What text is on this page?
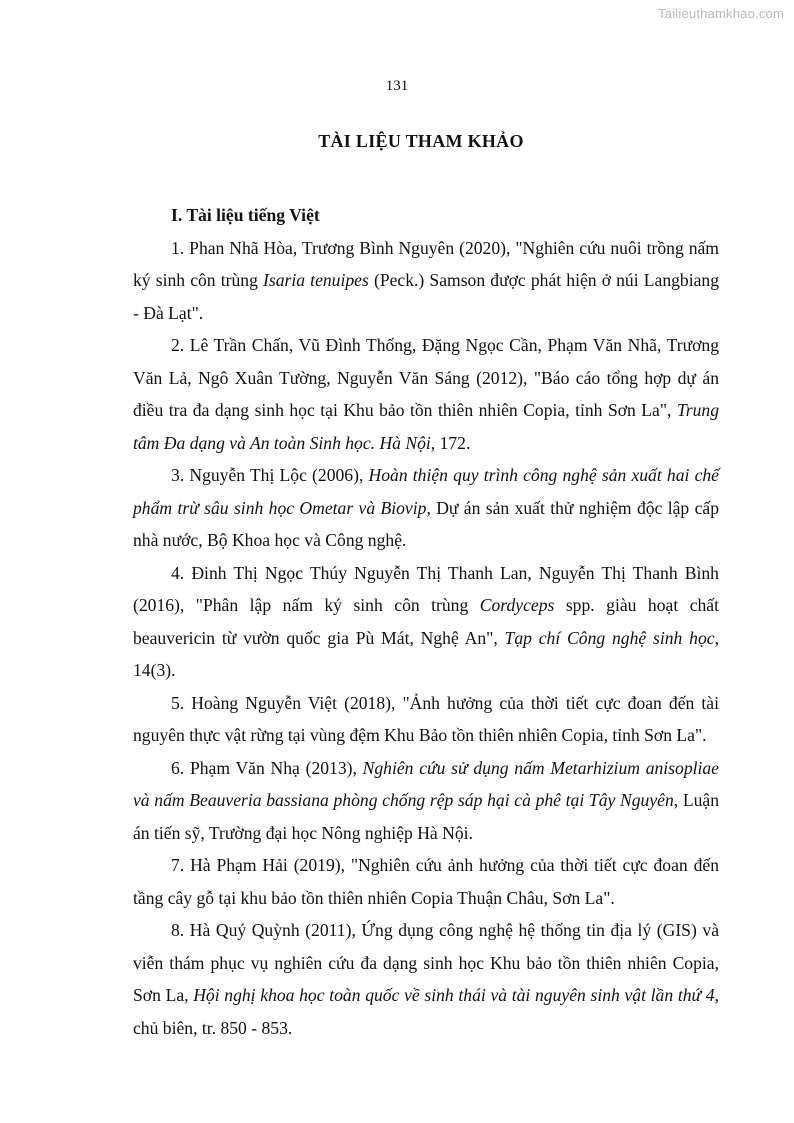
Tailieuthamkhao.com
131
TÀI LIỆU THAM KHẢO

I. Tài liệu tiếng Việt

1. Phan Nhã Hòa, Trương Bình Nguyên (2020), "Nghiên cứu nuôi trồng nấm ký sinh côn trùng Isaria tenuipes (Peck.) Samson được phát hiện ở núi Langbiang - Đà Lạt".

2. Lê Trần Chấn, Vũ Đình Thống, Đặng Ngọc Cần, Phạm Văn Nhã, Trương Văn Lả, Ngô Xuân Tường, Nguyễn Văn Sáng (2012), "Báo cáo tổng hợp dự án điều tra đa dạng sinh học tại Khu bảo tồn thiên nhiên Copia, tỉnh Sơn La", Trung tâm Đa dạng và An toàn Sinh học. Hà Nội, 172.

3. Nguyễn Thị Lộc (2006), Hoàn thiện quy trình công nghệ sản xuất hai chế phẩm trừ sâu sinh học Ometar và Biovip, Dự án sản xuất thử nghiệm độc lập cấp nhà nước, Bộ Khoa học và Công nghệ.

4. Đinh Thị Ngọc Thúy Nguyễn Thị Thanh Lan, Nguyễn Thị Thanh Bình (2016), "Phân lập nấm ký sinh côn trùng Cordyceps spp. giàu hoạt chất beauvericin từ vườn quốc gia Pù Mát, Nghệ An", Tạp chí Công nghệ sinh học, 14(3).

5. Hoàng Nguyễn Việt (2018), "Ảnh hưởng của thời tiết cực đoan đến tài nguyên thực vật rừng tại vùng đệm Khu Bảo tồn thiên nhiên Copia, tỉnh Sơn La".

6. Phạm Văn Nhạ (2013), Nghiên cứu sử dụng nấm Metarhizium anisopliae và nấm Beauveria bassiana phòng chống rệp sáp hại cà phê tại Tây Nguyên, Luận án tiến sỹ, Trường đại học Nông nghiệp Hà Nội.

7. Hà Phạm Hải (2019), "Nghiên cứu ảnh hưởng của thời tiết cực đoan đến tầng cây gỗ tại khu bảo tồn thiên nhiên Copia Thuận Châu, Sơn La".

8. Hà Quý Quỳnh (2011), Ứng dụng công nghệ hệ thống tin địa lý (GIS) và viễn thám phục vụ nghiên cứu đa dạng sinh học Khu bảo tồn thiên nhiên Copia, Sơn La, Hội nghị khoa học toàn quốc về sinh thái và tài nguyên sinh vật lần thứ 4, chủ biên, tr. 850 - 853.
